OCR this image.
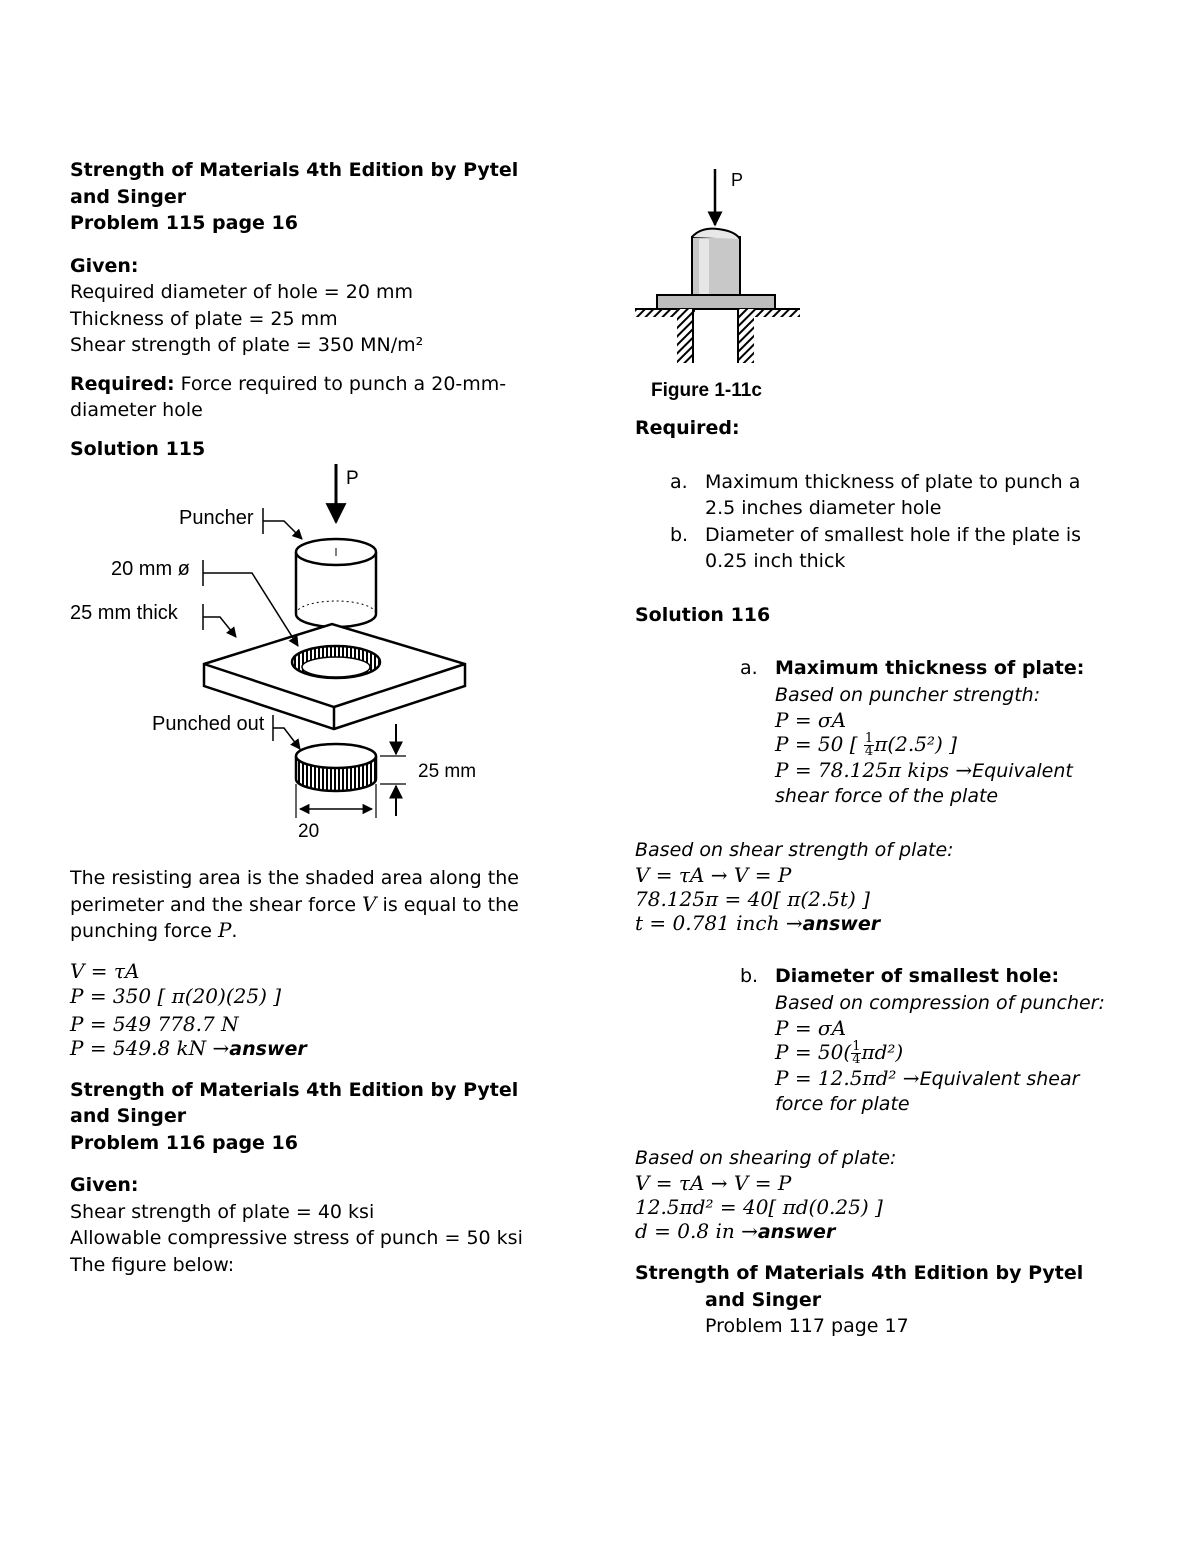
Strength of Materials 4th Edition by Pytel

and Singer

Problem 115 page 16

Given:

Required diameter of hole = 20 mm

Thickness of plate = 25 mm

Shear strength of plate = 350 MN/m²

Required: Force required to punch a 20-mm-

diameter hole

Solution 115

P
25 mm
20
Puncher
20 mm ø
25 mm thick
Punched out

The resisting area is the shaded area along the

perimeter and the shear force V is equal to the

punching force P.

V = τA
P = 350 [ π(20)(25) ]
P = 549 778.7 N
P = 549.8 kN →answer

Strength of Materials 4th Edition by Pytel

and Singer

Problem 116 page 16

Given:

Shear strength of plate = 40 ksi

Allowable compressive stress of punch = 50 ksi

The figure below:

P
Figure 1-11c

Required:

a. Maximum thickness of plate to punch a
2.5 inches diameter hole
b. Diameter of smallest hole if the plate is
0.25 inch thick

Solution 116

a. Maximum thickness of plate:

Based on puncher strength:

P = σA
P = 50 [ $\frac{1}{4} \pi(2.5^2)$ ]
P = 78.125π kips →Equivalent

shear force of the plate

Based on shear strength of plate:

V = τA → V = P
78.125π = 40[ π(2.5t) ]
t = 0.781 inch →answer
b. Diameter of smallest hole:

Based on compression of puncher:

P = σA
$P = 50( \frac{1}{4} \pi d^2)$
P = 12.5πd² →Equivalent shear

force for plate

Based on shearing of plate:

V = τA → V = P
12.5πd² = 40[ πd(0.25) ]
d = 0.8 in →answer

Strength of Materials 4th Edition by Pytel

and Singer

Problem 117 page 17
